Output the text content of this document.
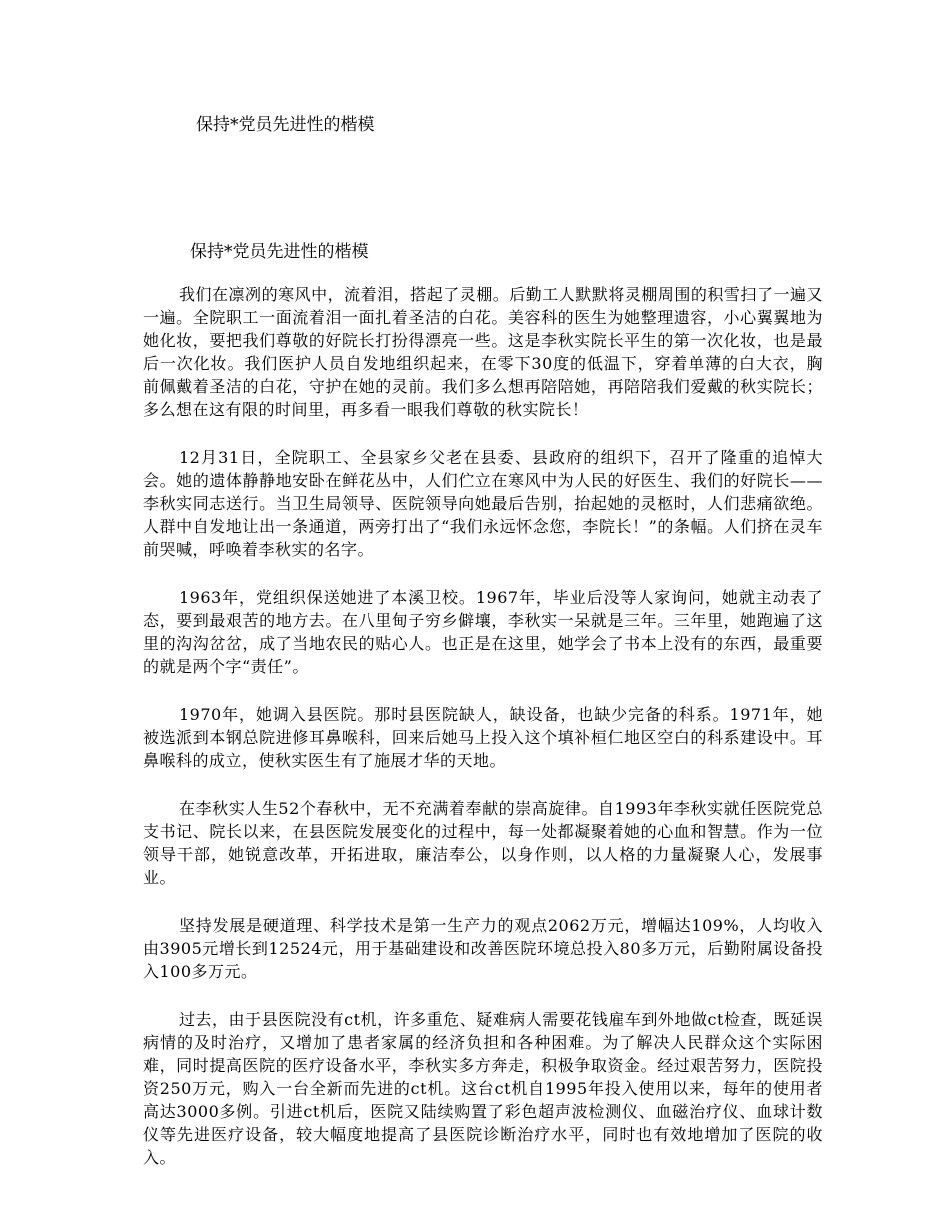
保持*党员先进性的楷模
保持*党员先进性的楷模

我们在凛冽的寒风中，流着泪，搭起了灵棚。后勤工人默默将灵棚周围的积雪扫了一遍又一遍。全院职工一面流着泪一面扎着圣洁的白花。美容科的医生为她整理遗容，小心翼翼地为她化妆，要把我们尊敬的好院长打扮得漂亮一些。这是李秋实院长平生的第一次化妆，也是最后一次化妆。我们医护人员自发地组织起来，在零下30度的低温下，穿着单薄的白大衣，胸前佩戴着圣洁的白花，守护在她的灵前。我们多么想再陪陪她，再陪陪我们爱戴的秋实院长；多么想在这有限的时间里，再多看一眼我们尊敬的秋实院长！

12月31日，全院职工、全县家乡父老在县委、县政府的组织下，召开了隆重的追悼大会。她的遗体静静地安卧在鲜花丛中，人们伫立在寒风中为人民的好医生、我们的好院长——李秋实同志送行。当卫生局领导、医院领导向她最后告别，抬起她的灵柩时，人们悲痛欲绝。人群中自发地让出一条通道，两旁打出了“我们永远怀念您，李院长！”的条幅。人们挤在灵车前哭喊，呼唤着李秋实的名字。

1963年，党组织保送她进了本溪卫校。1967年，毕业后没等人家询问，她就主动表了态，要到最艰苦的地方去。在八里甸子穷乡僻壤，李秋实一呆就是三年。三年里，她跑遍了这里的沟沟岔岔，成了当地农民的贴心人。也正是在这里，她学会了书本上没有的东西，最重要的就是两个字“责任”。

1970年，她调入县医院。那时县医院缺人，缺设备，也缺少完备的科系。1971年，她被选派到本钢总院进修耳鼻喉科，回来后她马上投入这个填补桓仁地区空白的科系建设中。耳鼻喉科的成立，使秋实医生有了施展才华的天地。

在李秋实人生52个春秋中，无不充满着奉献的崇高旋律。自1993年李秋实就任医院党总支书记、院长以来，在县医院发展变化的过程中，每一处都凝聚着她的心血和智慧。作为一位领导干部，她锐意改革，开拓进取，廉洁奉公，以身作则，以人格的力量凝聚人心，发展事业。

坚持发展是硬道理、科学技术是第一生产力的观点2062万元，增幅达109%，人均收入由3905元增长到12524元，用于基础建设和改善医院环境总投入80多万元，后勤附属设备投入100多万元。

过去，由于县医院没有ct机，许多重危、疑难病人需要花钱雇车到外地做ct检查，既延误病情的及时治疗，又增加了患者家属的经济负担和各种困难。为了解决人民群众这个实际困难，同时提高医院的医疗设备水平，李秋实多方奔走，积极争取资金。经过艰苦努力，医院投资250万元，购入一台全新而先进的ct机。这台ct机自1995年投入使用以来，每年的使用者高达3000多例。引进ct机后，医院又陆续购置了彩色超声波检测仪、血磁治疗仪、血球计数仪等先进医疗设备，较大幅度地提高了县医院诊断治疗水平，同时也有效地增加了医院的收入。
